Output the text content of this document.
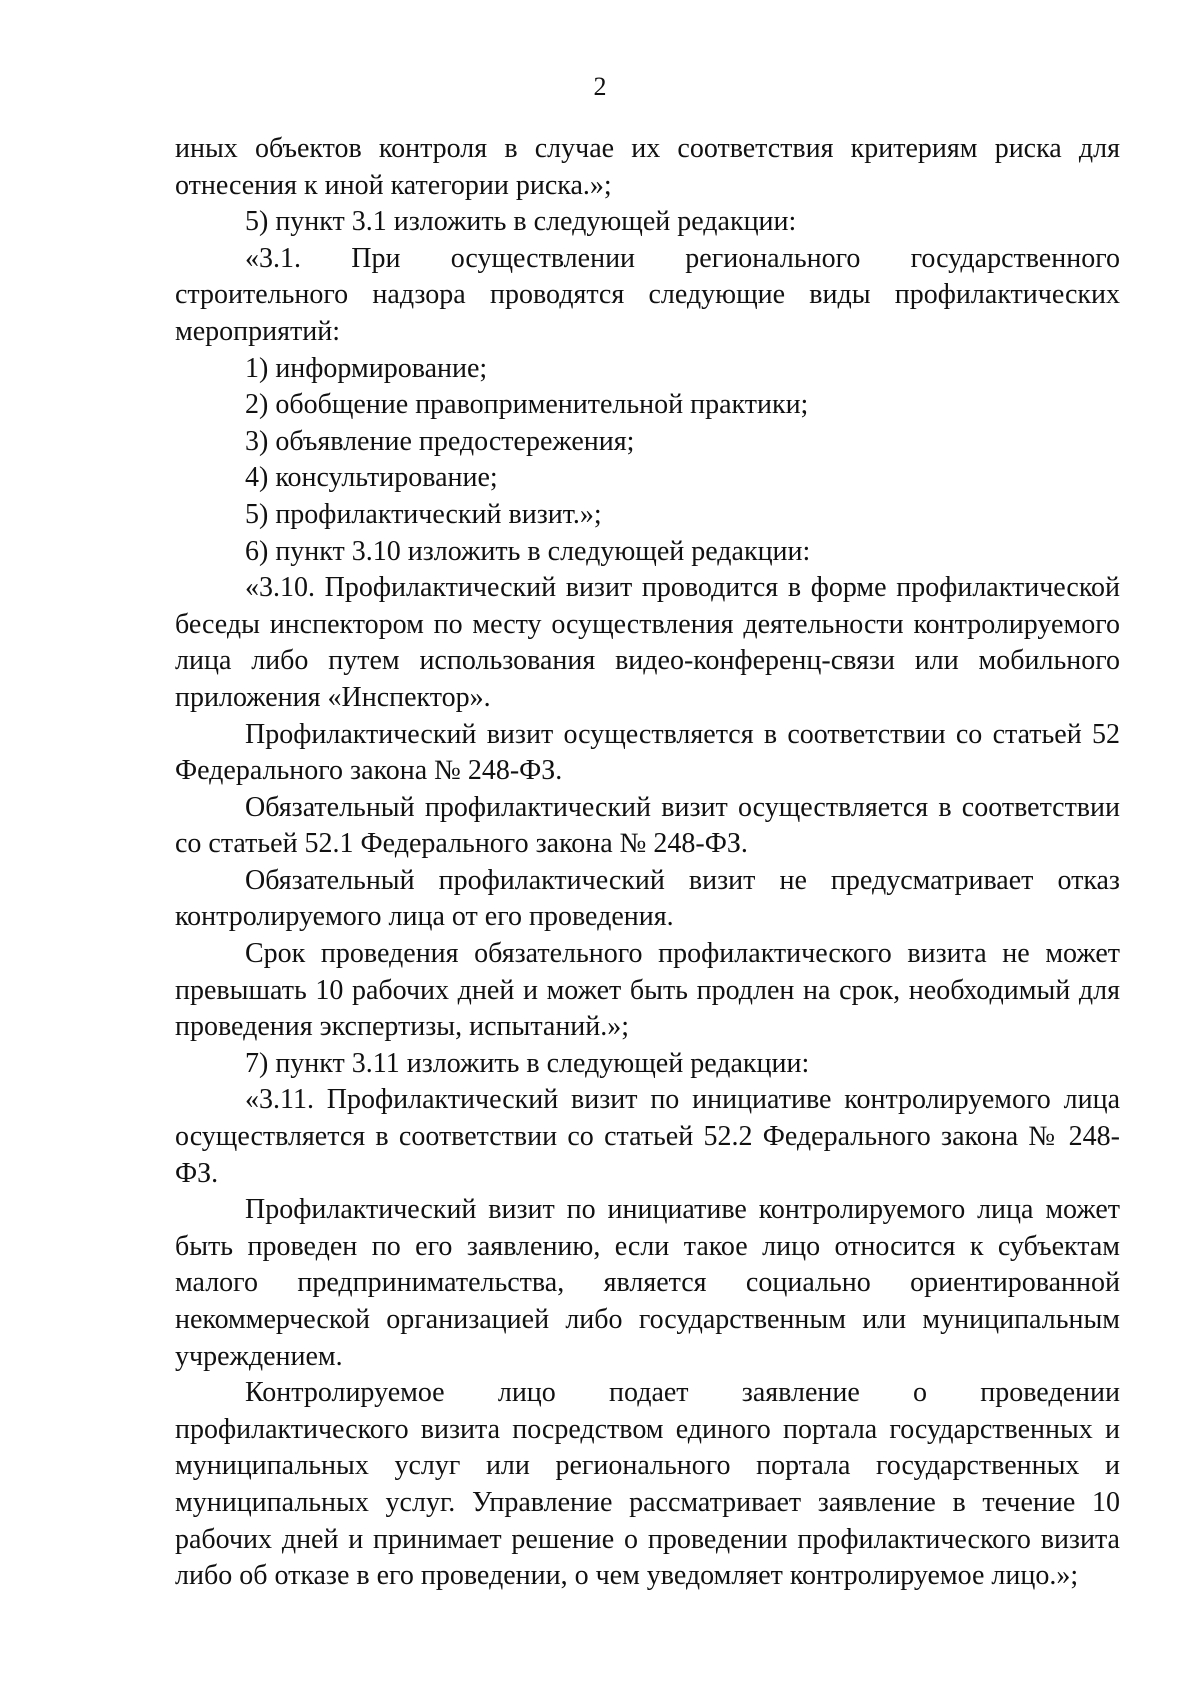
2

иных объектов контроля в случае их соответствия критериям риска для отнесения к иной категории риска.»;

5) пункт 3.1 изложить в следующей редакции:

«3.1. При осуществлении регионального государственного строительного надзора проводятся следующие виды профилактических мероприятий:

1) информирование;

2) обобщение правоприменительной практики;

3) объявление предостережения;

4) консультирование;

5) профилактический визит.»;

6) пункт 3.10 изложить в следующей редакции:

«3.10. Профилактический визит проводится в форме профилактической беседы инспектором по месту осуществления деятельности контролируемого лица либо путем использования видео-конференц-связи или мобильного приложения «Инспектор».

Профилактический визит осуществляется в соответствии со статьей 52 Федерального закона № 248-ФЗ.

Обязательный профилактический визит осуществляется в соответствии со статьей 52.1 Федерального закона № 248-ФЗ.

Обязательный профилактический визит не предусматривает отказ контролируемого лица от его проведения.

Срок проведения обязательного профилактического визита не может превышать 10 рабочих дней и может быть продлен на срок, необходимый для проведения экспертизы, испытаний.»;

7) пункт 3.11 изложить в следующей редакции:

«3.11. Профилактический визит по инициативе контролируемого лица осуществляется в соответствии со статьей 52.2 Федерального закона № 248-ФЗ.

Профилактический визит по инициативе контролируемого лица может быть проведен по его заявлению, если такое лицо относится к субъектам малого предпринимательства, является социально ориентированной некоммерческой организацией либо государственным или муниципальным учреждением.

Контролируемое лицо подает заявление о проведении профилактического визита посредством единого портала государственных и муниципальных услуг или регионального портала государственных и муниципальных услуг. Управление рассматривает заявление в течение 10 рабочих дней и принимает решение о проведении профилактического визита либо об отказе в его проведении, о чем уведомляет контролируемое лицо.»;
